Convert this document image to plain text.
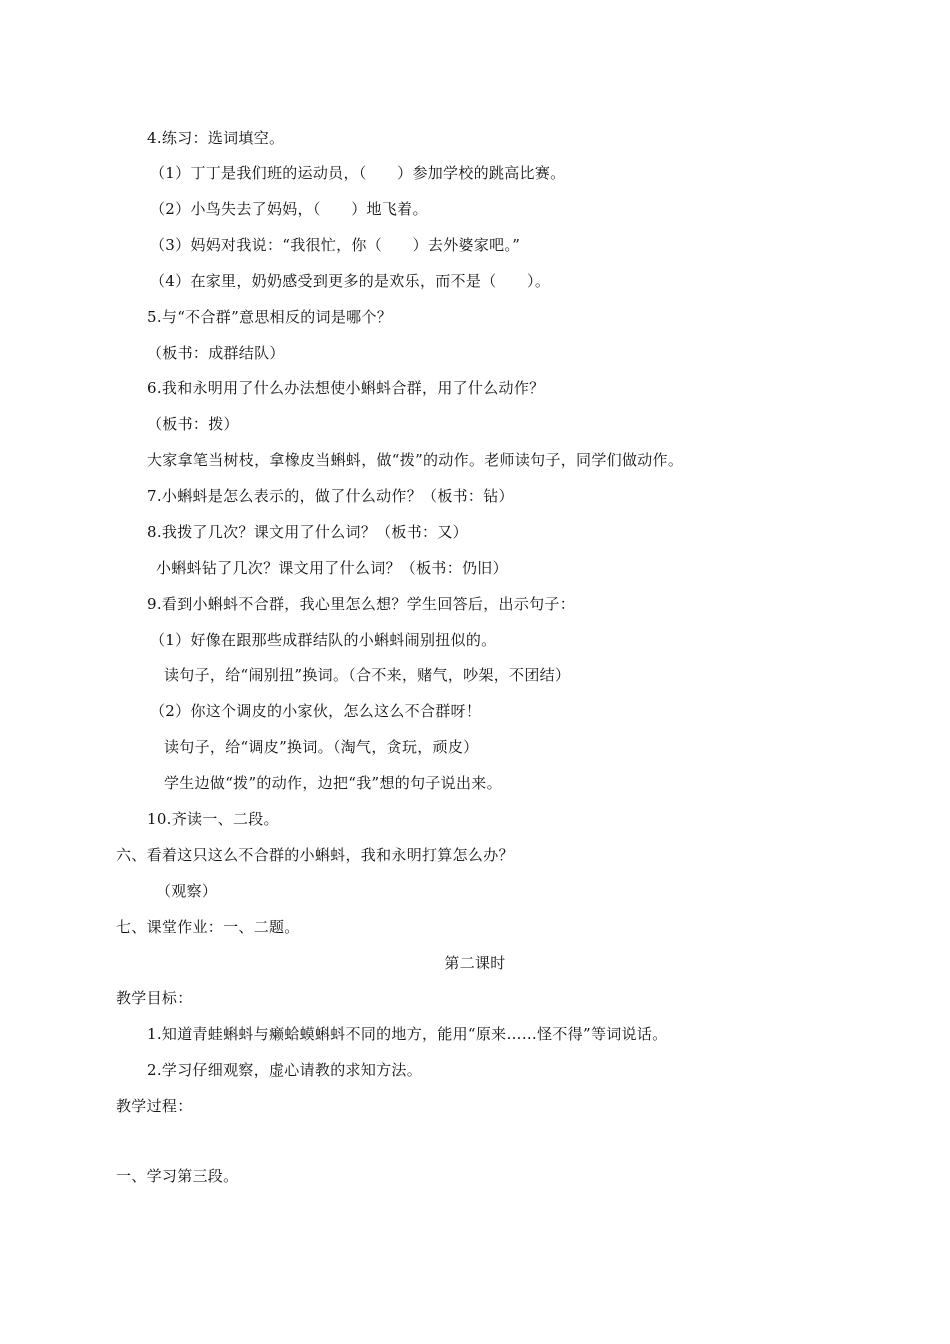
4.练习：选词填空。
（1）丁丁是我们班的运动员，（　　）参加学校的跳高比赛。
（2）小鸟失去了妈妈，（　　）地飞着。
（3）妈妈对我说：“我很忙，你（　　）去外婆家吧。”
（4）在家里，奶奶感受到更多的是欢乐，而不是（　　）。
5.与“不合群”意思相反的词是哪个？
（板书：成群结队）
6.我和永明用了什么办法想使小蝌蚪合群，用了什么动作？
（板书：拨）
大家拿笔当树枝，拿橡皮当蝌蚪，做“拨”的动作。老师读句子，同学们做动作。
7.小蝌蚪是怎么表示的，做了什么动作？（板书：钻）
8.我拨了几次？课文用了什么词？（板书：又）
小蝌蚪钻了几次？课文用了什么词？（板书：仍旧）
9.看到小蝌蚪不合群，我心里怎么想？学生回答后，出示句子：
（1）好像在跟那些成群结队的小蝌蚪闹别扭似的。
读句子，给“闹别扭”换词。（合不来，赌气，吵架，不团结）
（2）你这个调皮的小家伙，怎么这么不合群呀！
读句子，给“调皮”换词。（淘气，贪玩，顽皮）
学生边做“拨”的动作，边把“我”想的句子说出来。
10.齐读一、二段。
六、看着这只这么不合群的小蝌蚪，我和永明打算怎么办？
（观察）
七、课堂作业：一、二题。
第二课时
教学目标：
1.知道青蛙蝌蚪与癞蛤蟆蝌蚪不同的地方，能用“原来……怪不得”等词说话。
2.学习仔细观察，虚心请教的求知方法。
教学过程：
一、学习第三段。
